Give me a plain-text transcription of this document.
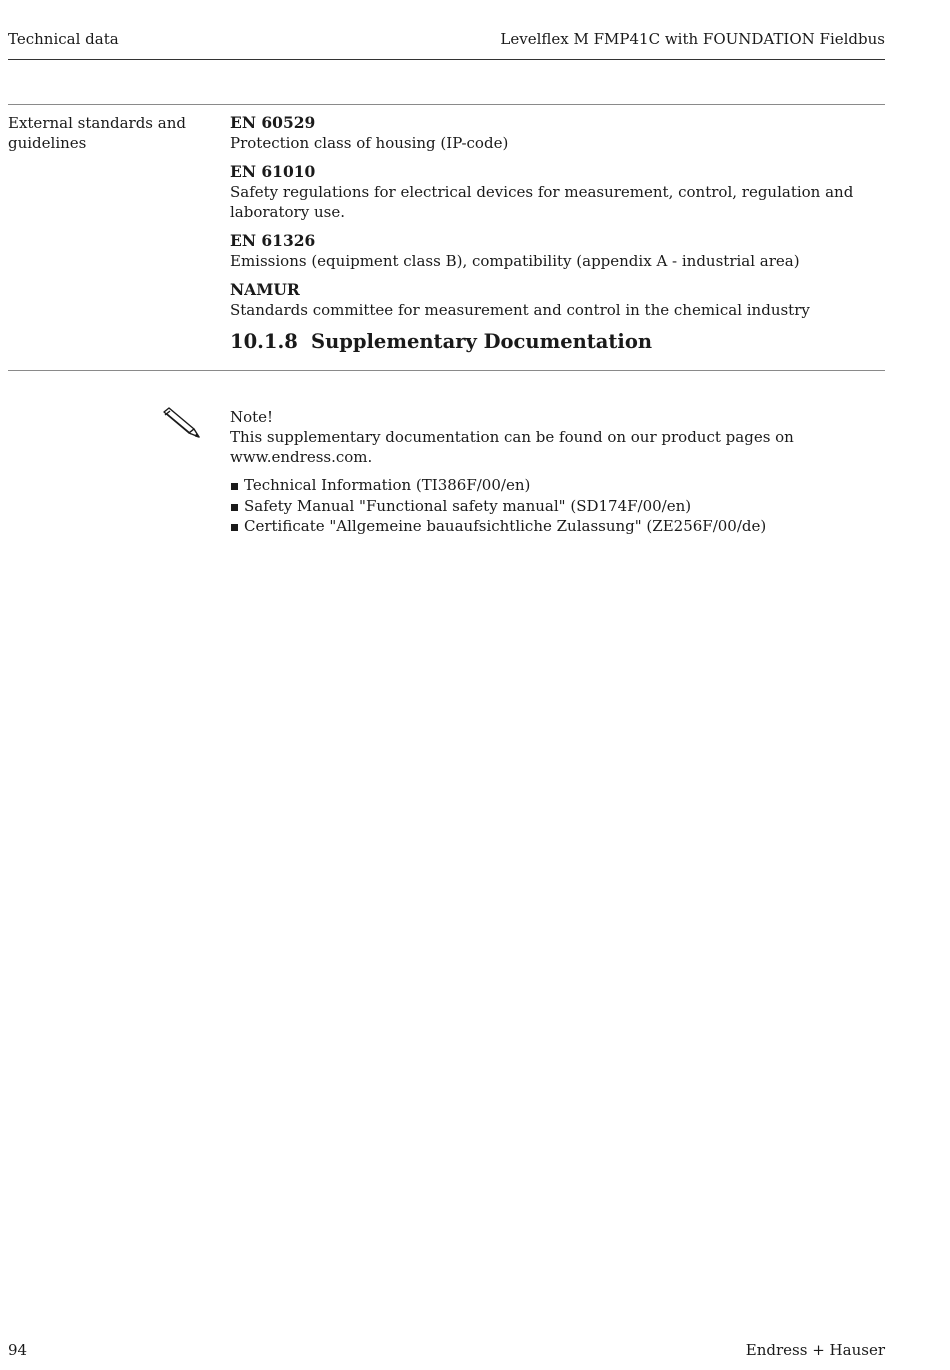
Technical data	Levelflex M FMP41C with FOUNDATION Fieldbus
External standards and guidelines
EN 60529
Protection class of housing (IP-code)
EN 61010
Safety regulations for electrical devices for measurement, control, regulation and laboratory use.
EN 61326
Emissions (equipment class B), compatibility (appendix A - industrial area)
NAMUR
Standards committee for measurement and control in the chemical industry
10.1.8 Supplementary Documentation
Note!
This supplementary documentation can be found on our product pages on www.endress.com.
Technical Information (TI386F/00/en)
Safety Manual "Functional safety manual" (SD174F/00/en)
Certificate "Allgemeine bauaufsichtliche Zulassung" (ZE256F/00/de)
94	Endress + Hauser
